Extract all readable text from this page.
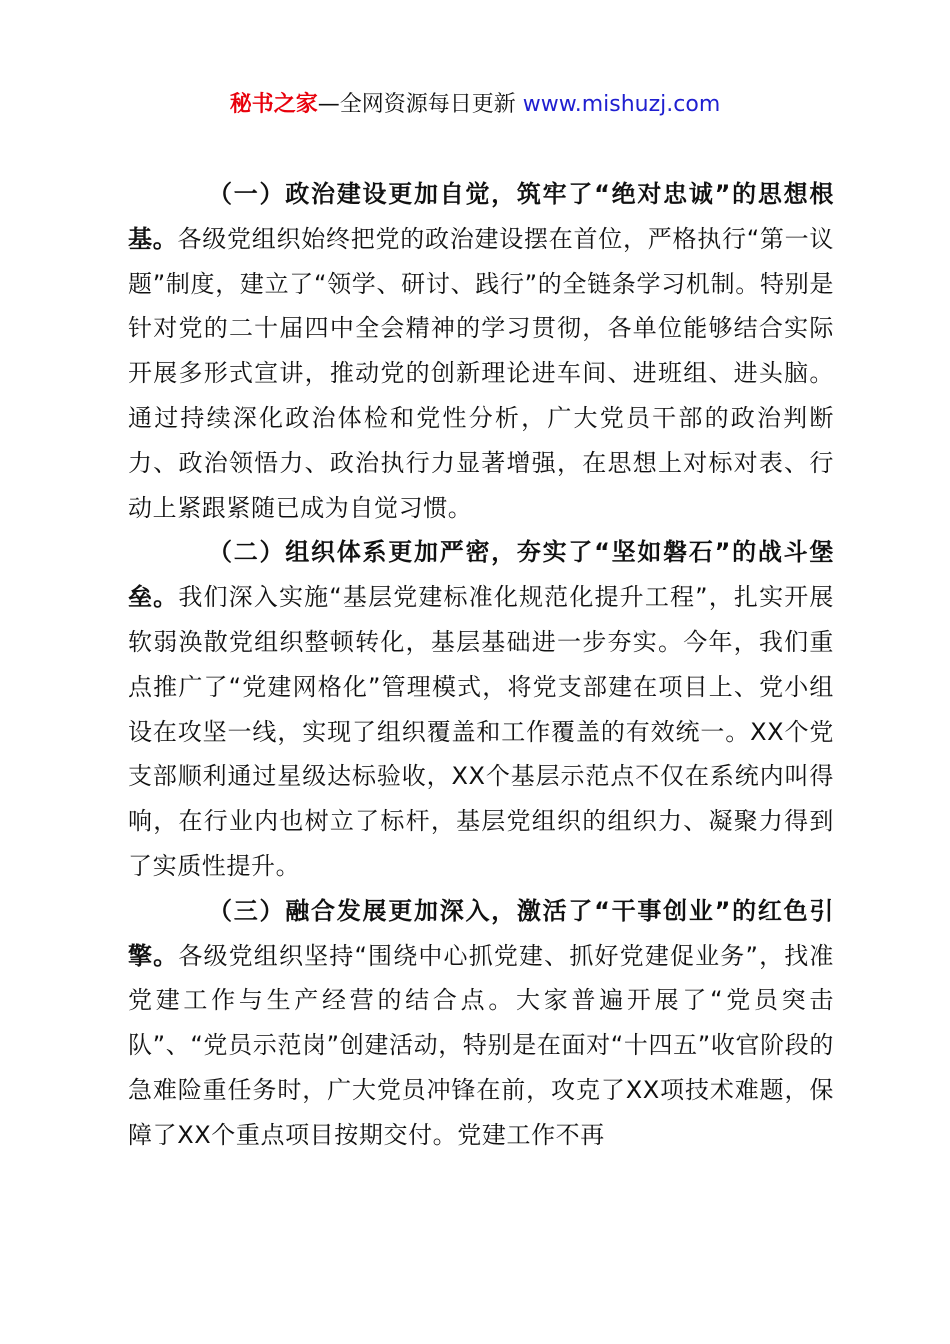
秘书之家—全网资源每日更新 www.mishuzj.com

（一）政治建设更加自觉，筑牢了“绝对忠诚”的思想根基。各级党组织始终把党的政治建设摆在首位，严格执行“第一议题”制度，建立了“领学、研讨、践行”的全链条学习机制。特别是针对党的二十届四中全会精神的学习贯彻，各单位能够结合实际开展多形式宣讲，推动党的创新理论进车间、进班组、进头脑。通过持续深化政治体检和党性分析，广大党员干部的政治判断力、政治领悟力、政治执行力显著增强，在思想上对标对表、行动上紧跟紧随已成为自觉习惯。

（二）组织体系更加严密，夯实了“坚如磐石”的战斗堡垒。我们深入实施“基层党建标准化规范化提升工程”，扎实开展软弱涣散党组织整顿转化，基层基础进一步夯实。今年，我们重点推广了“党建网格化”管理模式，将党支部建在项目上、党小组设在攻坚一线，实现了组织覆盖和工作覆盖的有效统一。XX个党支部顺利通过星级达标验收，XX个基层示范点不仅在系统内叫得响，在行业内也树立了标杆，基层党组织的组织力、凝聚力得到了实质性提升。

（三）融合发展更加深入，激活了“干事创业”的红色引擎。各级党组织坚持“围绕中心抓党建、抓好党建促业务”，找准党建工作与生产经营的结合点。大家普遍开展了“党员突击队”、“党员示范岗”创建活动，特别是在面对“十四五”收官阶段的急难险重任务时，广大党员冲锋在前，攻克了XX项技术难题，保障了XX个重点项目按期交付。党建工作不再
